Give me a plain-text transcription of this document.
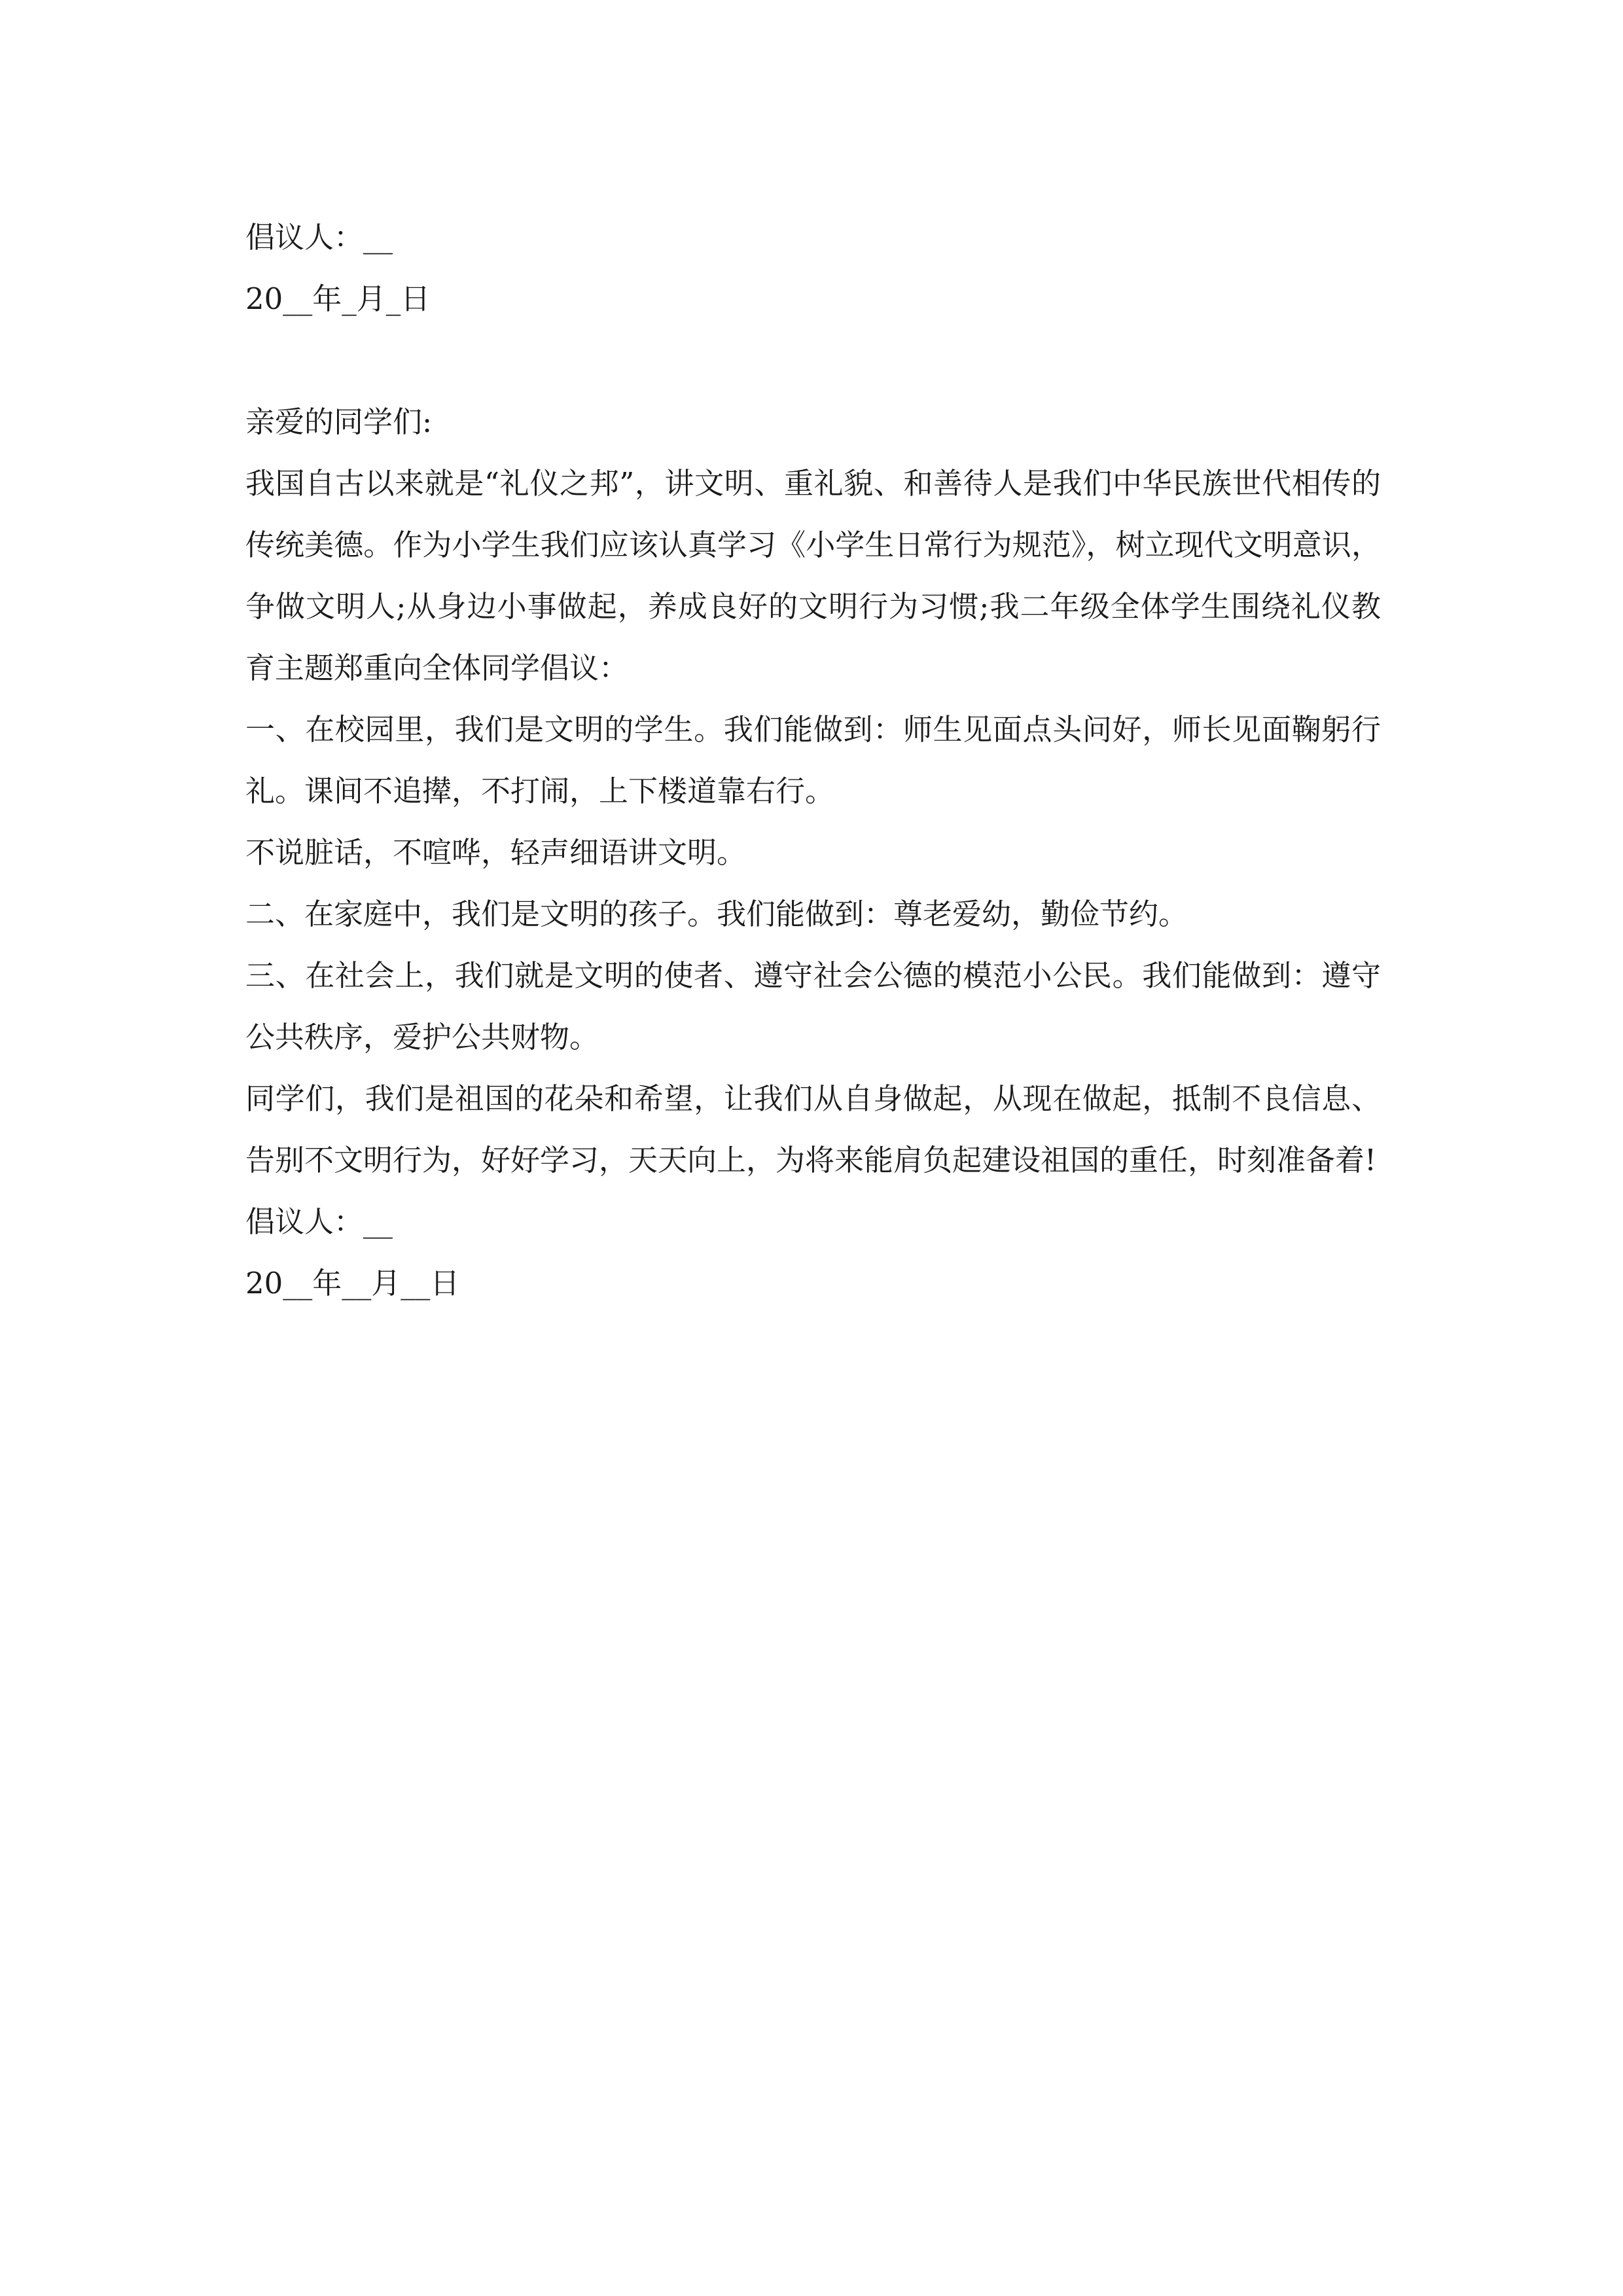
倡议人：__
20__年_月_日
亲爱的同学们:
我国自古以来就是“礼仪之邦”，讲文明、重礼貌、和善待人是我们中华民族世代相传的传统美德。作为小学生我们应该认真学习《小学生日常行为规范》，树立现代文明意识，争做文明人;从身边小事做起，养成良好的文明行为习惯;我二年级全体学生围绕礼仪教育主题郑重向全体同学倡议：
一、在校园里，我们是文明的学生。我们能做到：师生见面点头问好，师长见面鞠躬行礼。课间不追撵，不打闹，上下楼道靠右行。
不说脏话，不喧哗，轻声细语讲文明。
二、在家庭中，我们是文明的孩子。我们能做到：尊老爱幼，勤俭节约。
三、在社会上，我们就是文明的使者、遵守社会公德的模范小公民。我们能做到：遵守公共秩序，爱护公共财物。
同学们，我们是祖国的花朵和希望，让我们从自身做起，从现在做起，抵制不良信息、告别不文明行为，好好学习，天天向上，为将来能肩负起建设祖国的重任，时刻准备着!
倡议人：__
20__年__月__日
